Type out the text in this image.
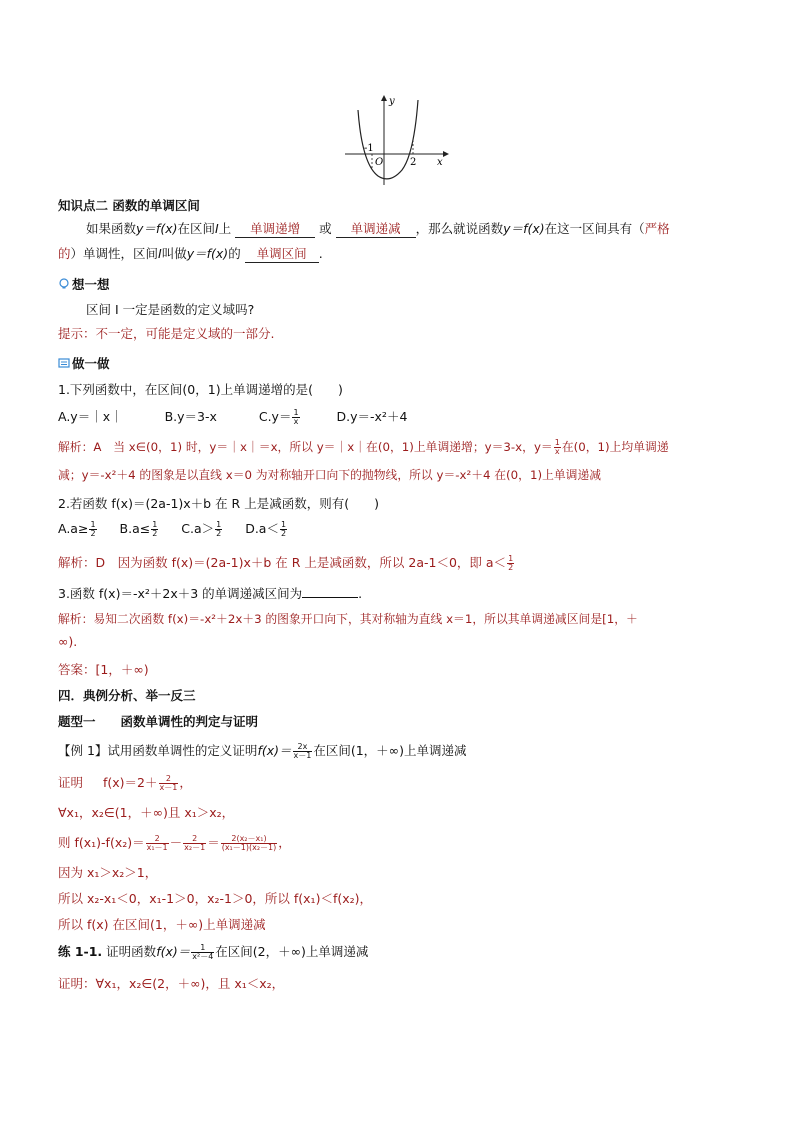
y
x
O
-1
2
知识点二 函数的单调区间
如果函数y＝f(x)在区间I上 单调递增 或 单调递减 ，那么就说函数y＝f(x)在这一区间具有（严格
的）单调性，区间I叫做y＝f(x)的 单调区间 .
想一想
区间 I 一定是函数的定义域吗?
提示：不一定，可能是定义域的一部分.
做一做
1.下列函数中，在区间(0，1)上单调递增的是(　　)
A.y＝｜x｜	B.y＝3-x	$C.y= \frac{1}{x}$	D.y＝-x²＋4
解析：A　当 x∈(0，1) 时，y＝｜x｜＝x，所以 y＝｜x｜在(0，1)上单调递增；y＝3-x，$y= \frac{1}{x}$ 在(0，1)上均单调递
减；y＝-x²＋4 的图象是以直线 x＝0 为对称轴开口向下的抛物线，所以 y＝-x²＋4 在(0，1)上单调递减
2.若函数 f(x)＝(2a-1)x＋b 在 R 上是减函数，则有(　　)
$A.a\ge \frac{1}{2} B.a\le \frac{1}{2} C.a> \frac{1}{2} D.a< \frac{1}{2}$
解析：D　因为函数 f(x)＝(2a-1)x＋b 在 R 上是减函数，所以 2a-1＜0，即 $a< \frac{1}{2}$
3.函数 f(x)＝-x²＋2x＋3 的单调递减区间为	.
解析：易知二次函数 f(x)＝-x²＋2x＋3 的图象开口向下，其对称轴为直线 x＝1，所以其单调递减区间是[1，＋
∞).
答案：[1，＋∞)
四．典例分析、举一反三
题型一　　函数单调性的判定与证明
【例 1】试用函数单调性的定义证明$f(x)= \frac{2x}{x-1}$ 在区间(1，＋∞)上单调递减
证明 $f(x)=2+ \frac{2}{x-1}$ ，
∀x₁，x₂∈(1，＋∞)且 x₁＞x₂，
则 $f(x_1)-f(x_2)= \frac{2}{\text{x₁－1}} - \frac{2}{\text{x₂－1}} = \frac{\text{2(x₂－x₁)}}{\text{(x₁－1)(x₂－1)}}$ ，
因为 x₁＞x₂＞1，
所以 x₂-x₁＜0，x₁-1＞0，x₂-1＞0，所以 f(x₁)＜f(x₂)，
所以 f(x) 在区间(1，＋∞)上单调递减
练 1-1. 证明函数$f(x)= \frac{1}{\text{x²－4}}$ 在区间(2，＋∞)上单调递减
证明：∀x₁，x₂∈(2，＋∞)，且 x₁＜x₂，
